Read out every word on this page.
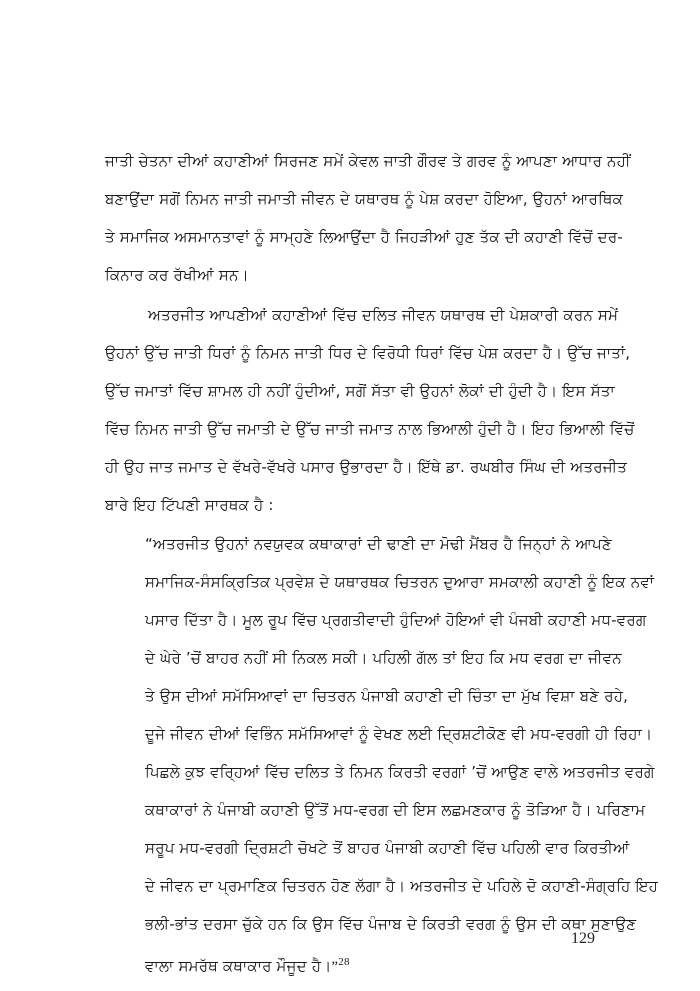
ਜਾਤੀ ਚੇਤਨਾ ਦੀਆਂ ਕਹਾਣੀਆਂ ਸਿਰਜਣ ਸਮੇਂ ਕੇਵਲ ਜਾਤੀ ਗੌਰਵ ਤੇ ਗਰਵ ਨੂੰ ਆਪਣਾ ਆਧਾਰ ਨਹੀਂ
ਬਣਾਉਂਦਾ ਸਗੋਂ ਨਿਮਨ ਜਾਤੀ ਜਮਾਤੀ ਜੀਵਨ ਦੇ ਯਥਾਰਥ ਨੂੰ ਪੇਸ਼ ਕਰਦਾ ਹੋਇਆ, ਉਹਨਾਂ ਆਰਥਿਕ
ਤੇ ਸਮਾਜਿਕ ਅਸਮਾਨਤਾਵਾਂ ਨੂੰ ਸਾਮ੍ਹਣੇ ਲਿਆਉਂਦਾ ਹੈ ਜਿਹੜੀਆਂ ਹੁਣ ਤੱਕ ਦੀ ਕਹਾਣੀ ਵਿੱਚੋਂ ਦਰ-
ਕਿਨਾਰ ਕਰ ਰੱਖੀਆਂ ਸਨ।
ਅਤਰਜੀਤ ਆਪਣੀਆਂ ਕਹਾਣੀਆਂ ਵਿੱਚ ਦਲਿਤ ਜੀਵਨ ਯਥਾਰਥ ਦੀ ਪੇਸ਼ਕਾਰੀ ਕਰਨ ਸਮੇਂ
ਉਹਨਾਂ ਉੱਚ ਜਾਤੀ ਧਿਰਾਂ ਨੂੰ ਨਿਮਨ ਜਾਤੀ ਧਿਰ ਦੇ ਵਿਰੋਧੀ ਧਿਰਾਂ ਵਿੱਚ ਪੇਸ਼ ਕਰਦਾ ਹੈ। ਉੱਚ ਜਾਤਾਂ,
ਉੱਚ ਜਮਾਤਾਂ ਵਿੱਚ ਸ਼ਾਮਲ ਹੀ ਨਹੀਂ ਹੁੰਦੀਆਂ, ਸਗੋਂ ਸੱਤਾ ਵੀ ਉਹਨਾਂ ਲੋਕਾਂ ਦੀ ਹੁੰਦੀ ਹੈ। ਇਸ ਸੱਤਾ
ਵਿੱਚ ਨਿਮਨ ਜਾਤੀ ਉੱਚ ਜਮਾਤੀ ਦੇ ਉੱਚ ਜਾਤੀ ਜਮਾਤ ਨਾਲ ਭਿਆਲੀ ਹੁੰਦੀ ਹੈ। ਇਹ ਭਿਆਲੀ ਵਿੱਚੋਂ
ਹੀ ਉਹ ਜਾਤ ਜਮਾਤ ਦੇ ਵੱਖਰੇ-ਵੱਖਰੇ ਪਸਾਰ ਉਭਾਰਦਾ ਹੈ। ਇੱਥੇ ਡਾ. ਰਘਬੀਰ ਸਿੰਘ ਦੀ ਅਤਰਜੀਤ
ਬਾਰੇ ਇਹ ਟਿੱਪਣੀ ਸਾਰਥਕ ਹੈ :
“ਅਤਰਜੀਤ ਉਹਨਾਂ ਨਵਯੁਵਕ ਕਥਾਕਾਰਾਂ ਦੀ ਢਾਣੀ ਦਾ ਮੋਢੀ ਮੈਂਬਰ ਹੈ ਜਿਨ੍ਹਾਂ ਨੇ ਆਪਣੇ
ਸਮਾਜਿਕ-ਸੰਸਕ੍ਰਿਤਿਕ ਪ੍ਰਵੇਸ਼ ਦੇ ਯਥਾਰਥਕ ਚਿਤਰਨ ਦੁਆਰਾ ਸਮਕਾਲੀ ਕਹਾਣੀ ਨੂੰ ਇਕ ਨਵਾਂ
ਪਸਾਰ ਦਿੱਤਾ ਹੈ। ਮੂਲ ਰੂਪ ਵਿੱਚ ਪ੍ਰਗਤੀਵਾਦੀ ਹੁੰਦਿਆਂ ਹੋਇਆਂ ਵੀ ਪੰਜਬੀ ਕਹਾਣੀ ਮਧ-ਵਰਗ
ਦੇ ਘੇਰੇ ’ਚੋਂ ਬਾਹਰ ਨਹੀਂ ਸੀ ਨਿਕਲ ਸਕੀ। ਪਹਿਲੀ ਗੱਲ ਤਾਂ ਇਹ ਕਿ ਮਧ ਵਰਗ ਦਾ ਜੀਵਨ
ਤੇ ਉਸ ਦੀਆਂ ਸਮੱਸਿਆਵਾਂ ਦਾ ਚਿਤਰਨ ਪੰਜਾਬੀ ਕਹਾਣੀ ਦੀ ਚਿੰਤਾ ਦਾ ਮੁੱਖ ਵਿਸ਼ਾ ਬਣੇ ਰਹੇ,
ਦੂਜੇ ਜੀਵਨ ਦੀਆਂ ਵਿਭਿੰਨ ਸਮੱਸਿਆਵਾਂ ਨੂੰ ਵੇਖਣ ਲਈ ਦ੍ਰਿਸ਼ਟੀਕੋਣ ਵੀ ਮਧ-ਵਰਗੀ ਹੀ ਰਿਹਾ।
ਪਿਛਲੇ ਕੁਝ ਵਰ੍ਹਿਆਂ ਵਿੱਚ ਦਲਿਤ ਤੇ ਨਿਮਨ ਕਿਰਤੀ ਵਰਗਾਂ ’ਚੋਂ ਆਉਣ ਵਾਲੇ ਅਤਰਜੀਤ ਵਰਗੇ
ਕਥਾਕਾਰਾਂ ਨੇ ਪੰਜਾਬੀ ਕਹਾਣੀ ਉੱਤੋਂ ਮਧ-ਵਰਗ ਦੀ ਇਸ ਲਛਮਣਕਾਰ ਨੂੰ ਤੋੜਿਆ ਹੈ। ਪਰਿਣਾਮ
ਸਰੂਪ ਮਧ-ਵਰਗੀ ਦ੍ਰਿਸ਼ਟੀ ਚੋਖਟੇ ਤੋਂ ਬਾਹਰ ਪੰਜਾਬੀ ਕਹਾਣੀ ਵਿੱਚ ਪਹਿਲੀ ਵਾਰ ਕਿਰਤੀਆਂ
ਦੇ ਜੀਵਨ ਦਾ ਪ੍ਰਮਾਣਿਕ ਚਿਤਰਨ ਹੋਣ ਲੱਗਾ ਹੈ। ਅਤਰਜੀਤ ਦੇ ਪਹਿਲੇ ਦੋ ਕਹਾਣੀ-ਸੰਗ੍ਰਹਿ ਇਹ
ਭਲੀ-ਭਾਂਤ ਦਰਸਾ ਚੁੱਕੇ ਹਨ ਕਿ ਉਸ ਵਿੱਚ ਪੰਜਾਬ ਦੇ ਕਿਰਤੀ ਵਰਗ ਨੂੰ ਉਸ ਦੀ ਕਥਾ ਸੁਣਾਉਣ
ਵਾਲਾ ਸਮਰੱਥ ਕਥਾਕਾਰ ਮੌਜੂਦ ਹੈ।”$^{28}$
129
